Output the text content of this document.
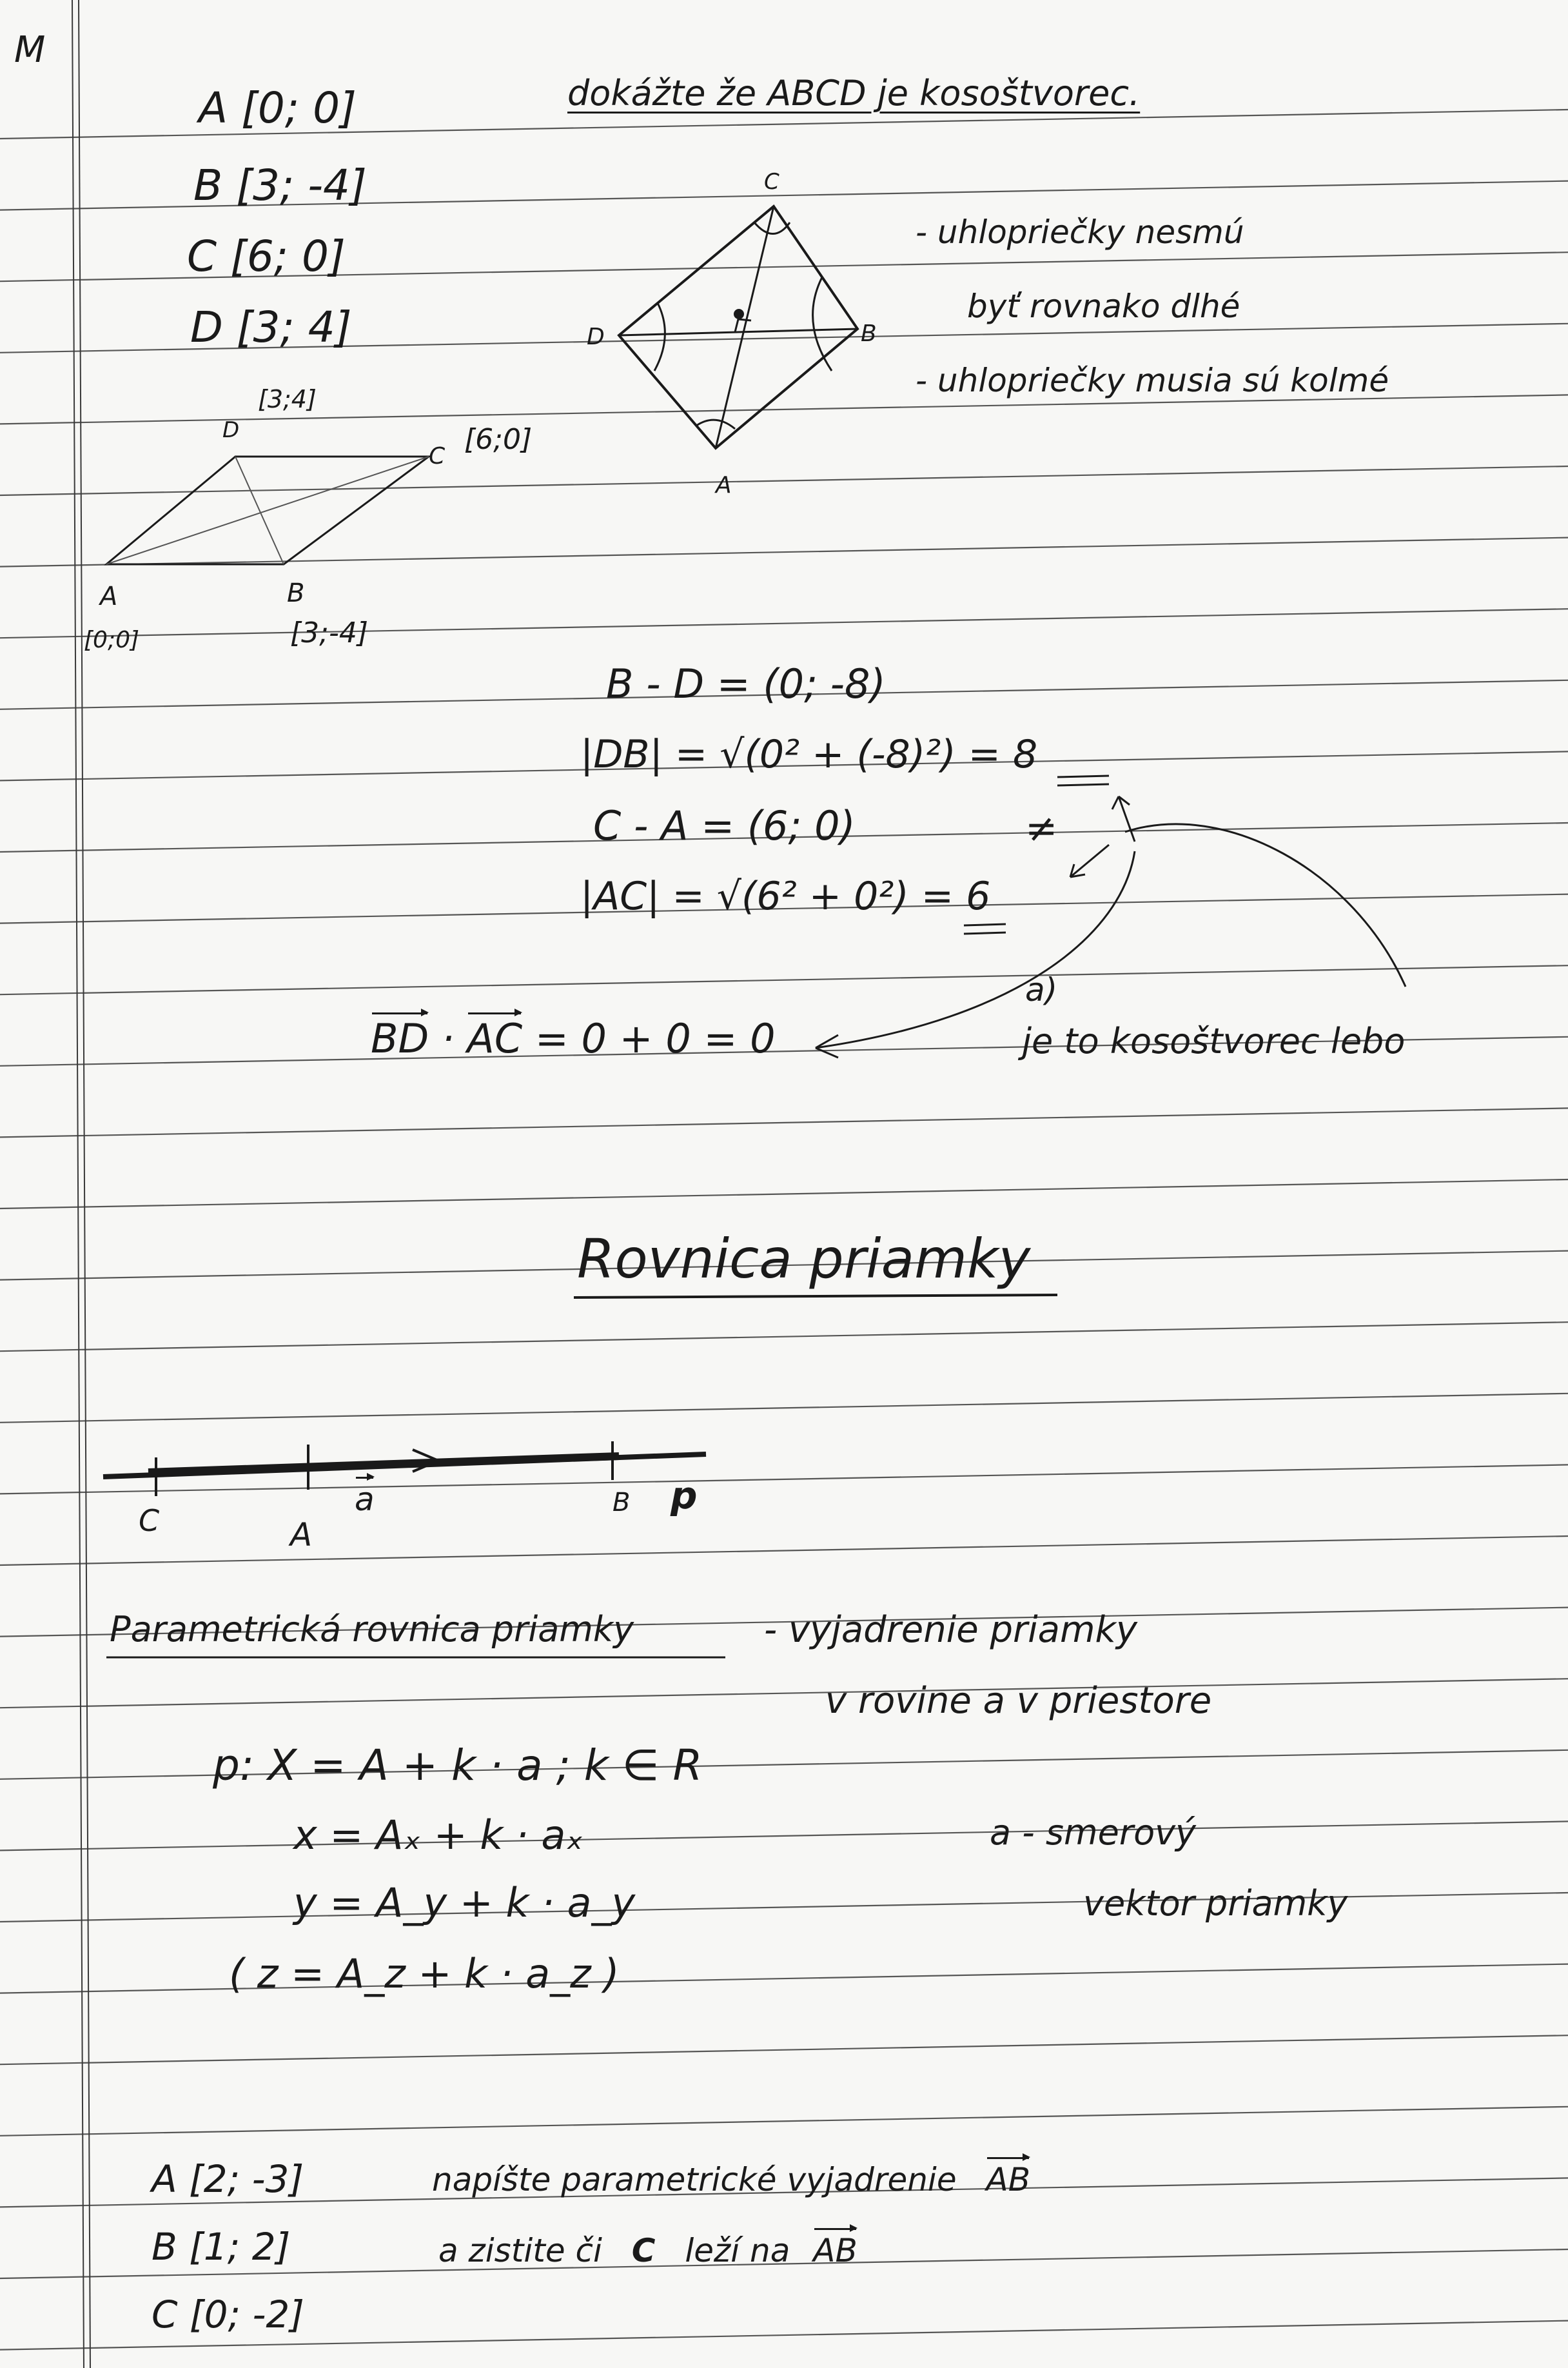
M
A [0; 0]
B [3; -4]
C [6; 0]
D [3; 4]
dokážte že ABCD je kosoštvorec.
D
[3;4]
C
[6;0]
A
[0;0]
B
[3;-4]
C
D	B
A
- uhlopriečky nesmú
byť rovnako dlhé
- uhlopriečky musia sú kolmé
B - D = (0; -8)
|DB| = √(0² + (-8)²) = 8
C - A = (6; 0)
|AC| = √(6² + 0²) = 6
≠
a)
BD · AC = 0 + 0 = 0	je to kosoštvorec lebo
Rovnica priamky
C	A
a	B p
Parametrická rovnica priamky	- vyjadrenie priamky
v rovine a v priestore
p: X = A + k · a ; k ∈ R
x = Aₓ + k · aₓ
y = A_y + k · a_y
( z = A_z + k · a_z )
a - smerový
vektor priamky
A [2; -3]
B [1; 2]
C [0; -2]
napíšte parametrické vyjadrenie AB
a zistite či C leží na AB
